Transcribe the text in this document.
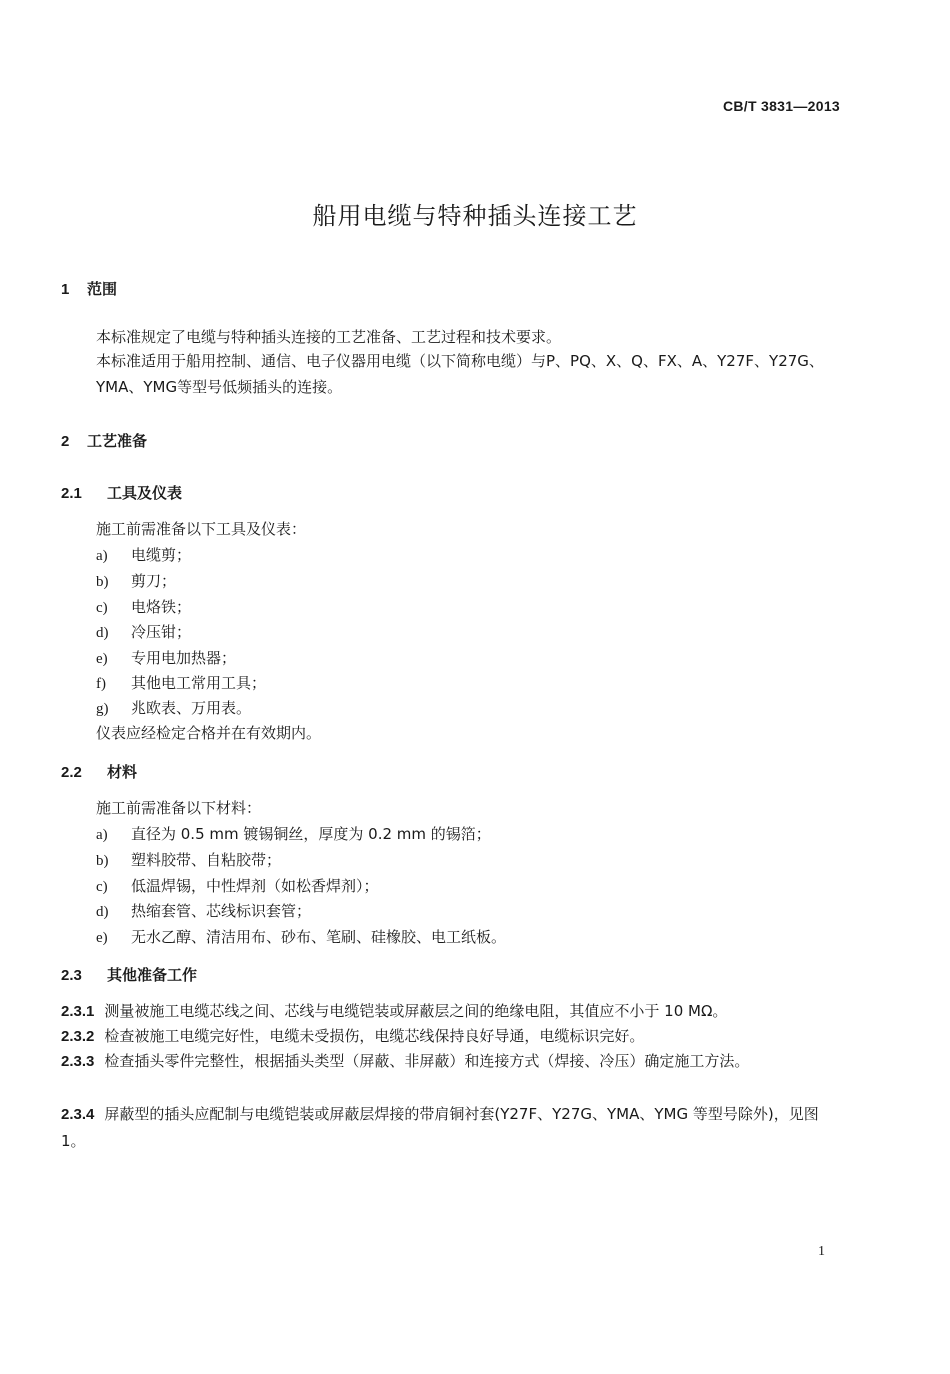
CB/T 3831—2013
船用电缆与特种插头连接工艺
1 范围
本标准规定了电缆与特种插头连接的工艺准备、工艺过程和技术要求。
本标准适用于船用控制、通信、电子仪器用电缆（以下简称电缆）与P、PQ、X、Q、FX、A、Y27F、Y27G、YMA、YMG等型号低频插头的连接。
2 工艺准备
2.1 工具及仪表
施工前需准备以下工具及仪表：
a) 电缆剪；
b) 剪刀；
c) 电烙铁；
d) 冷压钳；
e) 专用电加热器；
f) 其他电工常用工具；
g) 兆欧表、万用表。
仪表应经检定合格并在有效期内。
2.2 材料
施工前需准备以下材料：
a) 直径为 0.5 mm 镀锡铜丝，厚度为 0.2 mm 的锡箔；
b) 塑料胶带、自粘胶带；
c) 低温焊锡，中性焊剂（如松香焊剂）；
d) 热缩套管、芯线标识套管；
e) 无水乙醇、清洁用布、砂布、笔刷、硅橡胶、电工纸板。
2.3 其他准备工作
2.3.1 测量被施工电缆芯线之间、芯线与电缆铠装或屏蔽层之间的绝缘电阻，其值应不小于 10 MΩ。
2.3.2 检查被施工电缆完好性，电缆未受损伤，电缆芯线保持良好导通，电缆标识完好。
2.3.3 检查插头零件完整性，根据插头类型（屏蔽、非屏蔽）和连接方式（焊接、冷压）确定施工方法。
2.3.4 屏蔽型的插头应配制与电缆铠装或屏蔽层焊接的带肩铜衬套(Y27F、Y27G、YMA、YMG 等型号除外)，见图 1。
1
